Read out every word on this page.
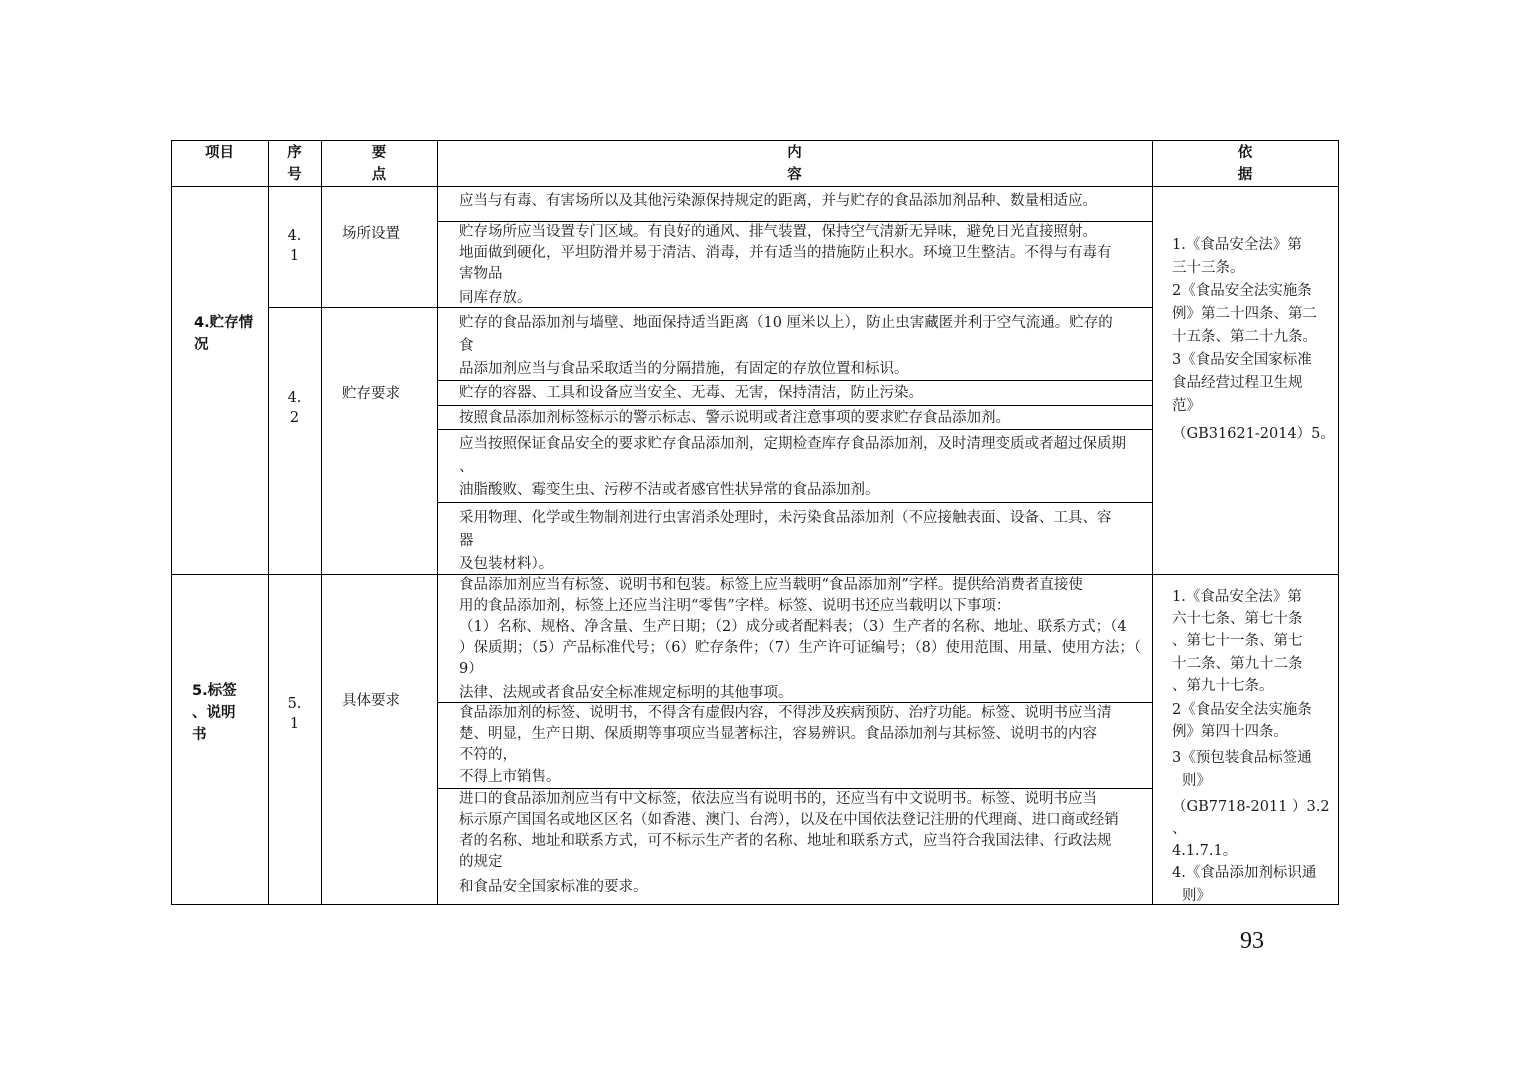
项目	序
号
要
点
内
容
依
据
4.贮存情
况
4.
1
场所设置
应当与有毒、有害场所以及其他污染源保持规定的距离，并与贮存的食品添加剂品种、数量相适应。
贮存场所应当设置专门区域。有良好的通风、排气装置，保持空气清新无异味，避免日光直接照射。
地面做到硬化，平坦防滑并易于清洁、消毒，并有适当的措施防止积水。环境卫生整洁。不得与有毒有
害物品
同库存放。
4.
2
贮存要求
贮存的食品添加剂与墙壁、地面保持适当距离（10 厘米以上），防止虫害藏匿并利于空气流通。贮存的
食
品添加剂应当与食品采取适当的分隔措施，有固定的存放位置和标识。
贮存的容器、工具和设备应当安全、无毒、无害，保持清洁，防止污染。
按照食品添加剂标签标示的警示标志、警示说明或者注意事项的要求贮存食品添加剂。
应当按照保证食品安全的要求贮存食品添加剂，定期检查库存食品添加剂，及时清理变质或者超过保质期
、
油脂酸败、霉变生虫、污秽不洁或者感官性状异常的食品添加剂。
采用物理、化学或生物制剂进行虫害消杀处理时，未污染食品添加剂（不应接触表面、设备、工具、容
器
及包装材料）。
1.《食品安全法》第
三十三条。
2《食品安全法实施条
例》第二十四条、第二
十五条、第二十九条。
3《食品安全国家标准
食品经营过程卫生规
范》
（GB31621-2014）5。
5.标签
、说明
书
5.
1
具体要求
食品添加剂应当有标签、说明书和包装。标签上应当载明“食品添加剂”字样。提供给消费者直接使
用的食品添加剂，标签上还应当注明“零售”字样。标签、说明书还应当载明以下事项：
（1）名称、规格、净含量、生产日期；（2）成分或者配料表；（3）生产者的名称、地址、联系方式；（4
）保质期；（5）产品标准代号；（6）贮存条件；（7）生产许可证编号；（8）使用范围、用量、使用方法；（
9）
法律、法规或者食品安全标准规定标明的其他事项。
食品添加剂的标签、说明书，不得含有虚假内容，不得涉及疾病预防、治疗功能。标签、说明书应当清
楚、明显，生产日期、保质期等事项应当显著标注，容易辨识。食品添加剂与其标签、说明书的内容
不符的，
不得上市销售。
进口的食品添加剂应当有中文标签，依法应当有说明书的，还应当有中文说明书。标签、说明书应当
标示原产国国名或地区区名（如香港、澳门、台湾），以及在中国依法登记注册的代理商、进口商或经销
者的名称、地址和联系方式，可不标示生产者的名称、地址和联系方式，应当符合我国法律、行政法规
的规定
和食品安全国家标准的要求。
1.《食品安全法》第
六十七条、第七十条
、第七十一条、第七
十二条、第九十二条
、第九十七条。
2《食品安全法实施条
例》第四十四条。
3《预包装食品标签通
则》
（GB7718-2011 ）3.2
、
4.1.7.1。
4.《食品添加剂标识通
则》
93
